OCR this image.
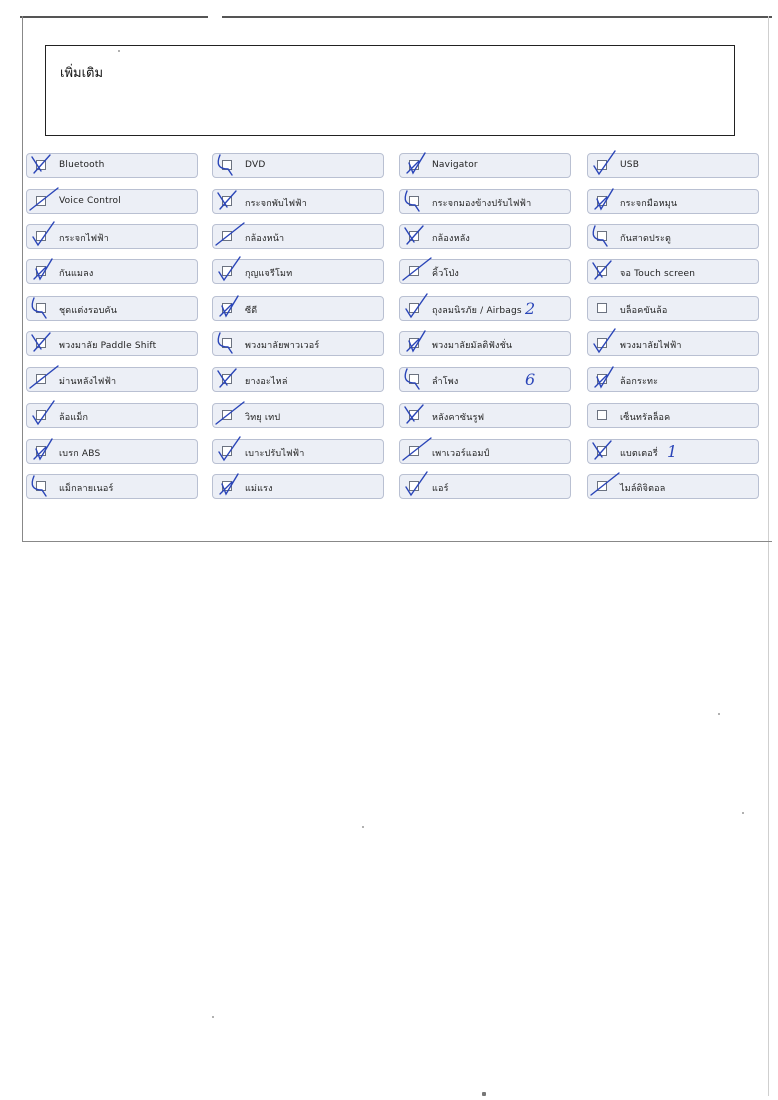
เพิ่มเติม
Bluetooth	DVD	Navigator	USB
Voice Control	กระจกพับไฟฟ้า	กระจกมองข้างปรับไฟฟ้า	กระจกมือหมุน
กระจกไฟฟ้า	กล้องหน้า	กล้องหลัง	กันสาดประตู
กันแมลง	กุญแจรีโมท	คิ้วโป่ง	จอ Touch screen
ชุดแต่งรอบคัน	ซีดี	ถุงลมนิรภัย / Airbags	บล็อคขันล้อ
พวงมาลัย Paddle Shift	พวงมาลัยพาวเวอร์	พวงมาลัยมัลติฟังชั่น	พวงมาลัยไฟฟ้า
ม่านหลังไฟฟ้า	ยางอะไหล่	ลำโพง	ล้อกระทะ
ล้อแม็ก	วิทยุ เทป	หลังคาซันรูฟ	เซ็นทรัลล็อค
เบรก ABS	เบาะปรับไฟฟ้า	เพาเวอร์แอมป์	แบตเตอรี่
แม็กลายเนอร์	แม่แรง	แอร์	ไมล์ดิจิตอล
2
6
1
